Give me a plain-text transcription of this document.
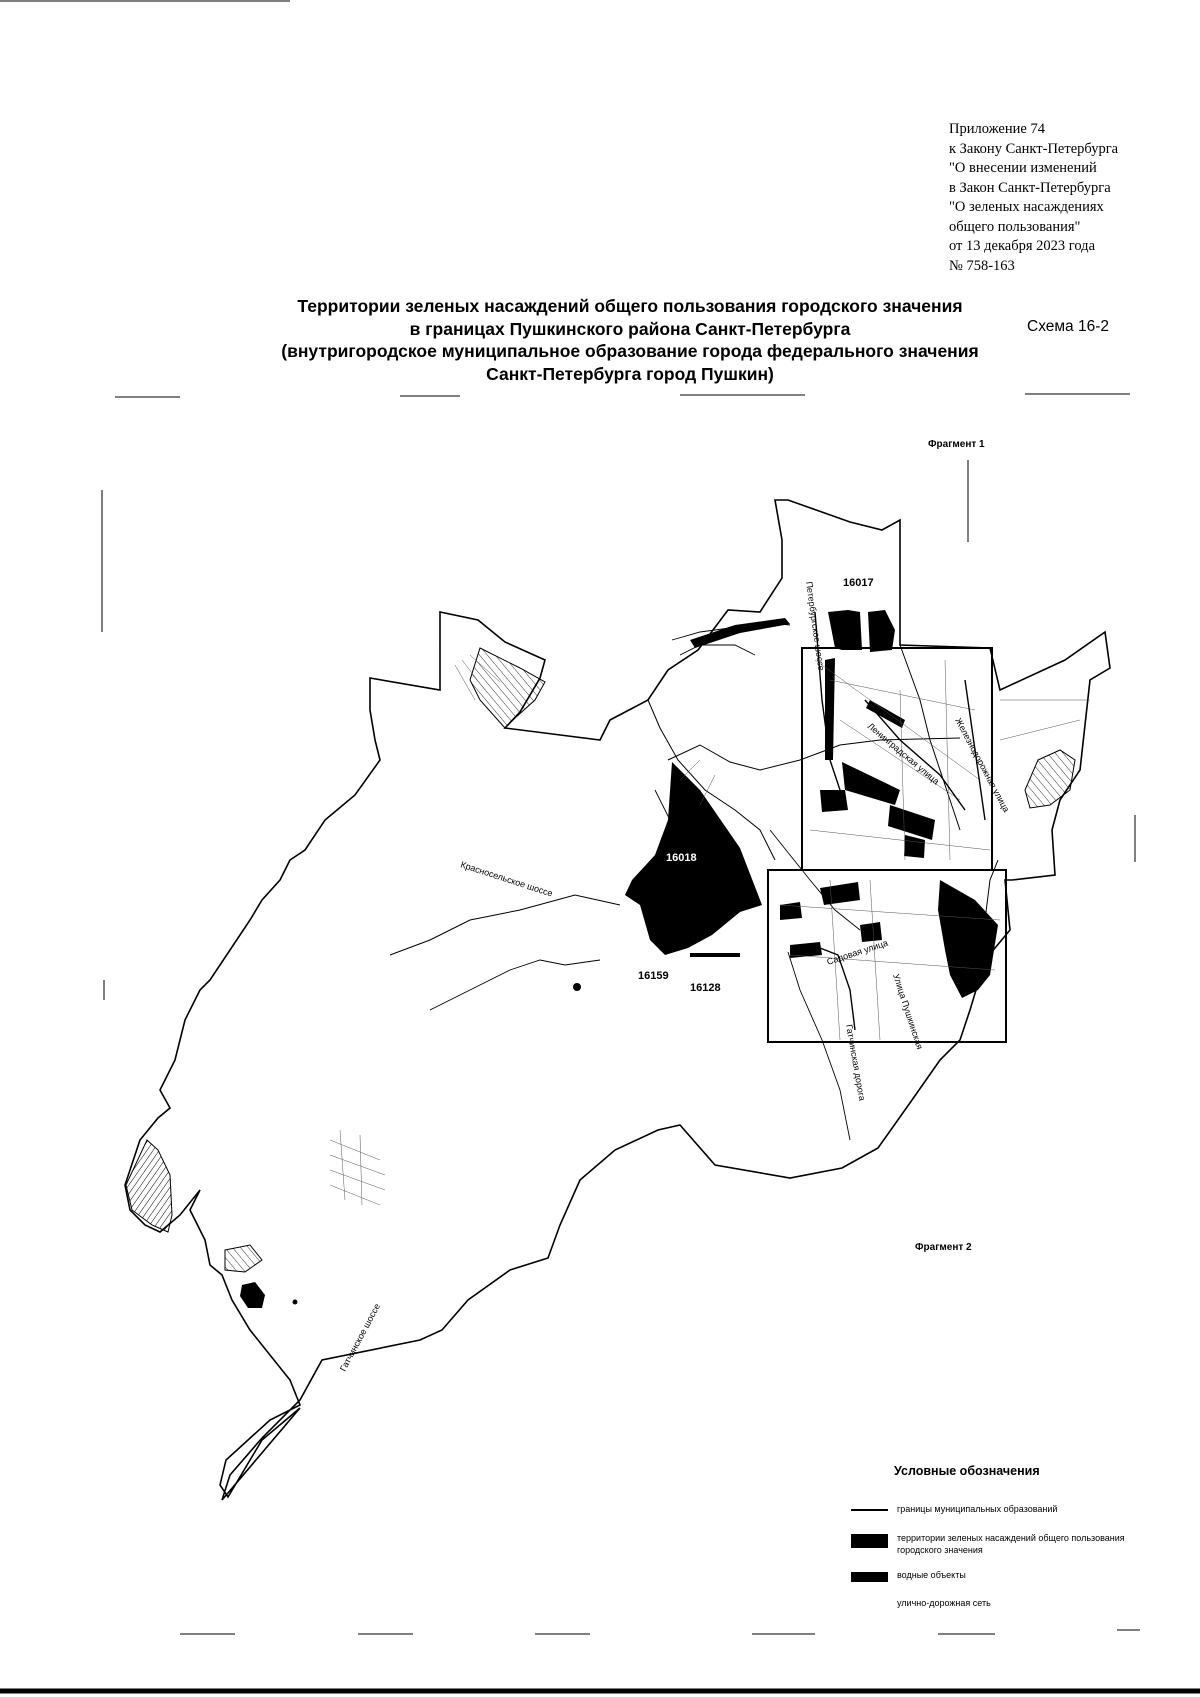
Приложение 74
к Закону Санкт-Петербурга
"О внесении изменений
в Закон Санкт-Петербурга
"О зеленых насаждениях
общего пользования"
от 13 декабря 2023 года
№ 758-163
Территории зеленых насаждений общего пользования городского значения
в границах Пушкинского района Санкт-Петербурга
(внутригородское муниципальное образование города федерального значения
Санкт-Петербурга город Пушкин)
Схема 16-2
16017
16018
16159
16128
Фрагмент 1
Фрагмент 2
Петербургское шоссе
Красносельское шоссе
Гатчинское шоссе
Ленинградская улица Железнодорожная улица
Садовая улица
Улица Пушкинская
Гатчинская дорога
Условные обозначения
границы муниципальных образований
территории зеленых насаждений общего пользования городского значения
водные объекты
улично-дорожная сеть
